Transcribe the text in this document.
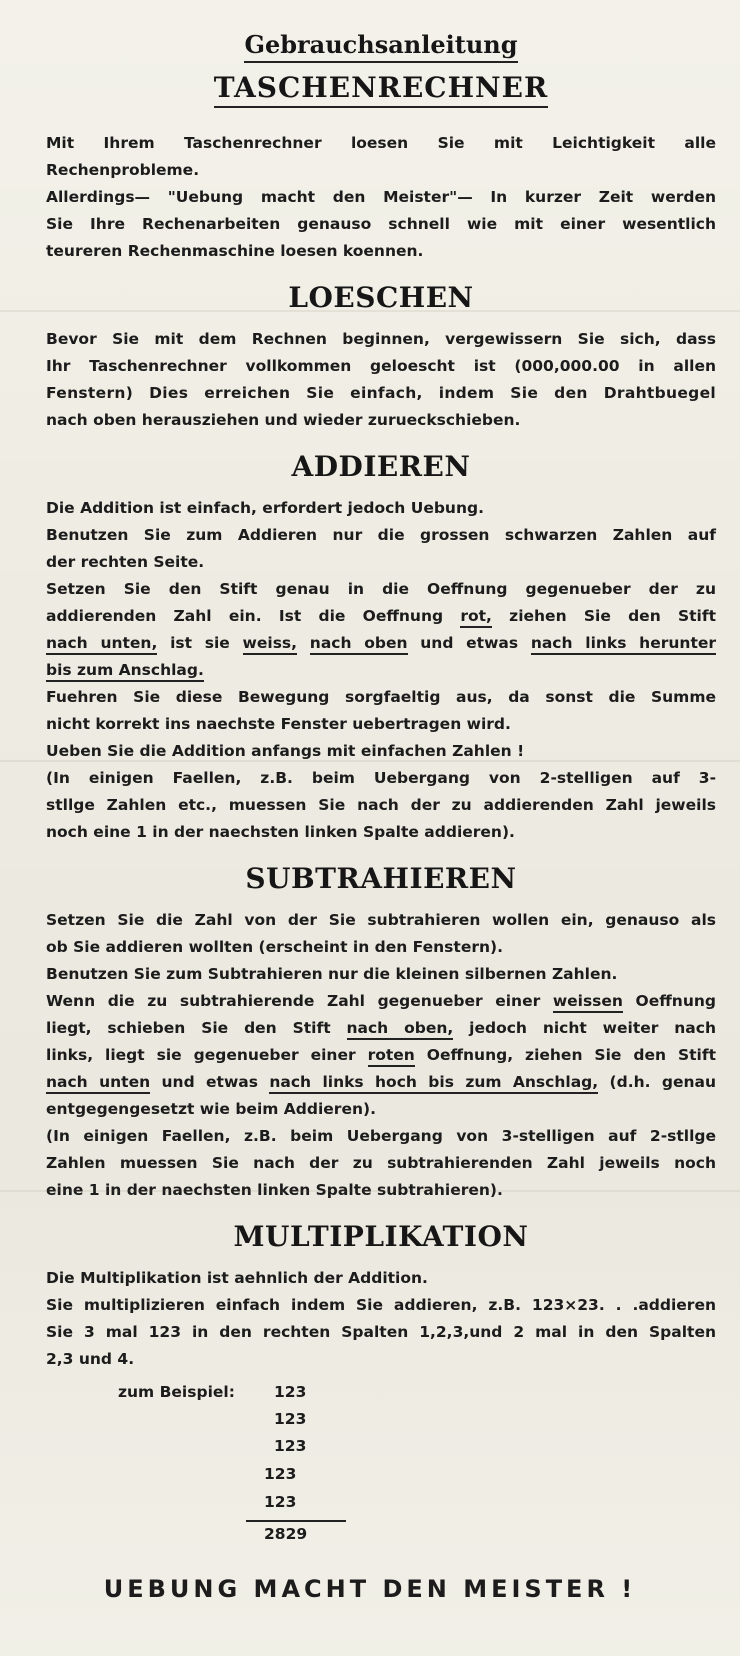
Gebrauchsanleitung
TASCHENRECHNER

Mit Ihrem Taschenrechner loesen Sie mit Leichtigkeit alle

Rechenprobleme.

Allerdings— "Uebung macht den Meister"— In kurzer Zeit werden

Sie Ihre Rechenarbeiten genauso schnell wie mit einer wesentlich

teureren Rechenmaschine loesen koennen.

LOESCHEN

Bevor Sie mit dem Rechnen beginnen, vergewissern Sie sich, dass

Ihr Taschenrechner vollkommen geloescht ist (000,000.00 in allen

Fenstern) Dies erreichen Sie einfach, indem Sie den Drahtbuegel

nach oben herausziehen und wieder zurueckschieben.

ADDIEREN

Die Addition ist einfach, erfordert jedoch Uebung.

Benutzen Sie zum Addieren nur die grossen schwarzen Zahlen auf

der rechten Seite.

Setzen Sie den Stift genau in die Oeffnung gegenueber der zu

addierenden Zahl ein. Ist die Oeffnung rot, ziehen Sie den Stift

nach unten, ist sie weiss, nach oben und etwas nach links herunter

bis zum Anschlag.

Fuehren Sie diese Bewegung sorgfaeltig aus, da sonst die Summe

nicht korrekt ins naechste Fenster uebertragen wird.

Ueben Sie die Addition anfangs mit einfachen Zahlen !

(In einigen Faellen, z.B. beim Uebergang von 2-stelligen auf 3-

stllge Zahlen etc., muessen Sie nach der zu addierenden Zahl jeweils

noch eine 1 in der naechsten linken Spalte addieren).

SUBTRAHIEREN

Setzen Sie die Zahl von der Sie subtrahieren wollen ein, genauso als

ob Sie addieren wollten (erscheint in den Fenstern).

Benutzen Sie zum Subtrahieren nur die kleinen silbernen Zahlen.

Wenn die zu subtrahierende Zahl gegenueber einer weissen Oeffnung

liegt, schieben Sie den Stift nach oben, jedoch nicht weiter nach

links, liegt sie gegenueber einer roten Oeffnung, ziehen Sie den Stift

nach unten und etwas nach links hoch bis zum Anschlag, (d.h. genau

entgegengesetzt wie beim Addieren).

(In einigen Faellen, z.B. beim Uebergang von 3-stelligen auf 2-stllge

Zahlen muessen Sie nach der zu subtrahierenden Zahl jeweils noch

eine 1 in der naechsten linken Spalte subtrahieren).

MULTIPLIKATION

Die Multiplikation ist aehnlich der Addition.

Sie multiplizieren einfach indem Sie addieren, z.B. 123×23. . .addieren

Sie 3 mal 123 in den rechten Spalten 1,2,3,und 2 mal in den Spalten

2,3 und 4.

zum Beispiel:	123
123
123
123
123
2829
UEBUNG MACHT DEN MEISTER !
